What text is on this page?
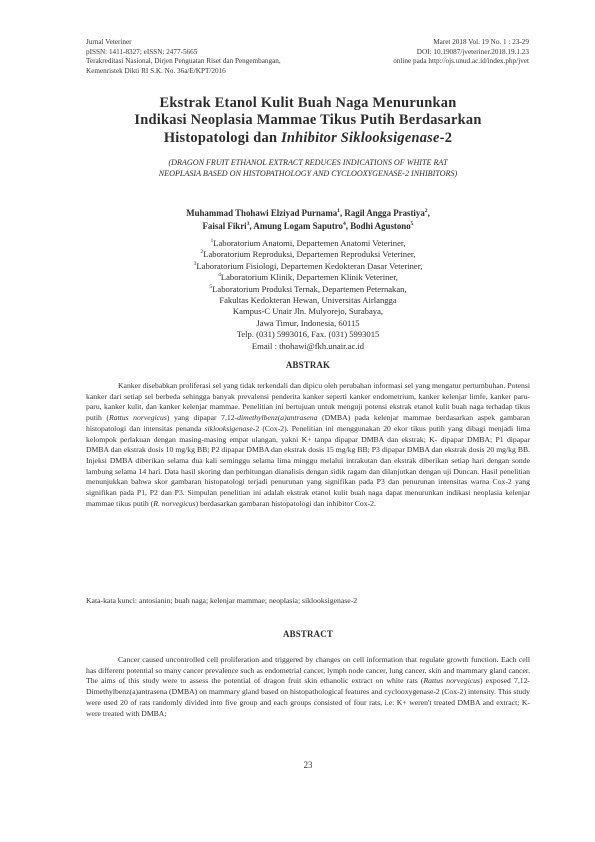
Jurnal Veteriner
pISSN: 1411-8327; eISSN: 2477-5665
Terakreditasi Nasional, Dirjen Penguatan Riset dan Pengembangan,
Kemenristek Dikti RI S.K. No. 36a/E/KPT/2016
Maret 2018 Vol. 19 No. 1 : 23-29
DOI: 10.19087/jveteriner.2018.19.1.23
online pada http://ojs.unud.ac.id/index.php/jvet
Ekstrak Etanol Kulit Buah Naga Menurunkan
Indikasi Neoplasia Mammae Tikus Putih Berdasarkan
Histopatologi dan Inhibitor Siklooksigenase-2
(DRAGON FRUIT ETHANOL EXTRACT REDUCES INDICATIONS OF WHITE RAT
NEOPLASIA BASED ON HISTOPATHOLOGY AND CYCLOOXYGENASE-2 INHIBITORS)
Muhammad Thohawi Elziyad Purnama$^1$, Ragil Angga Prastiya$^2$,
Faisal Fikri$^3$, Amung Logam Saputro$^4$, Bodhi Agustono$^5$
$^1$Laboratorium Anatomi, Departemen Anatomi Veteriner,
$^2$Laboratorium Reproduksi, Departemen Reproduksi Veteriner,
$^3$Laboratorium Fisiologi, Departemen Kedokteran Dasar Veteriner,
$^4$Laboratorium Klinik, Departemen Klinik Veteriner,
$^5$Laboratorium Produksi Ternak, Departemen Peternakan,
Fakultas Kedokteran Hewan, Universitas Airlangga
Kampus-C Unair Jln. Mulyorejo, Surabaya,
Jawa Timur, Indonesia, 60115
Telp. (031) 5993016, Fax. (031) 5993015
Email : thohawi@fkh.unair.ac.id
ABSTRAK
Kanker disebabkan proliferasi sel yang tidak terkendali dan dipicu oleh perubahan informasi sel yang mengatur pertumbuhan. Potensi kanker dari setiap sel berbeda sehingga banyak prevalensi penderita kanker seperti kanker endometrium, kanker kelenjar limfe, kanker paru-paru, kanker kulit, dan kanker kelenjar mammae. Penelitian ini bertujuan untuk menguji potensi ekstrak etanol kulit buah naga terhadap tikus putih (Rattus norvegicus) yang dipapar 7,12-dimethylbenz(a)antrasena (DMBA) pada kelenjar mammae berdasarkan aspek gambaran histopatologi dan intensitas penanda siklooksigenase-2 (Cox-2). Penelitian ini menggunakan 20 ekor tikus putih yang dibagi menjadi lima kelompok perlakuan dengan masing-masing empat ulangan, yakni K+ tanpa dipapar DMBA dan ekstrak; K- dipapar DMBA; P1 dipapar DMBA dan ekstrak dosis 10 mg/kg BB; P2 dipapar DMBA dan ekstrak dosis 15 mg/kg BB; P3 dipapar DMBA dan ekstrak dosis 20 mg/kg BB. Injeksi DMBA diberikan selama dua kali seminggu selama lima minggu melalui intrakutan dan ekstrak diberikan setiap hari dengan sonde lambung selama 14 hari. Data hasil skoring dan perhitungan dianalisis dengan sidik ragam dan dilanjutkan dengan uji Duncan. Hasil penelitian menunjukkan bahwa skor gambaran histopatologi terjadi penurunan yang signifikan pada P3 dan penurunan intensitas warna Cox-2 yang signifikan pada P1, P2 dan P3. Simpulan penelitian ini adalah ekstrak etanol kulit buah naga dapat menurunkan indikasi neoplasia kelenjar mammae tikus putih (R. norvegicus) berdasarkan gambaran histopatologi dan inhibitor Cox-2.
Kata-kata kunci: antosianin; buah naga; kelenjar mammae; neoplasia; siklooksigenase-2
ABSTRACT
Cancer caused uncontrolled cell proliferation and triggered by changes on cell information that regulate growth function. Each cell has different potential so many cancer prevalence such as endometrial cancer, lymph node cancer, lung cancer, skin and mammary gland cancer. The aims of this study were to assess the potential of dragon fruit skin ethanolic extract on white rats (Rattus norvegicus) exposed 7,12-Dimethylbenz(a)antrasena (DMBA) on mammary gland based on histopathological features and cyclooxygenase-2 (Cox-2) intensity. This study were used 20 of rats randomly divided into five group and each groups consisted of four rats, i.e: K+ weren't treated DMBA and extract; K- were treated with DMBA;
23
